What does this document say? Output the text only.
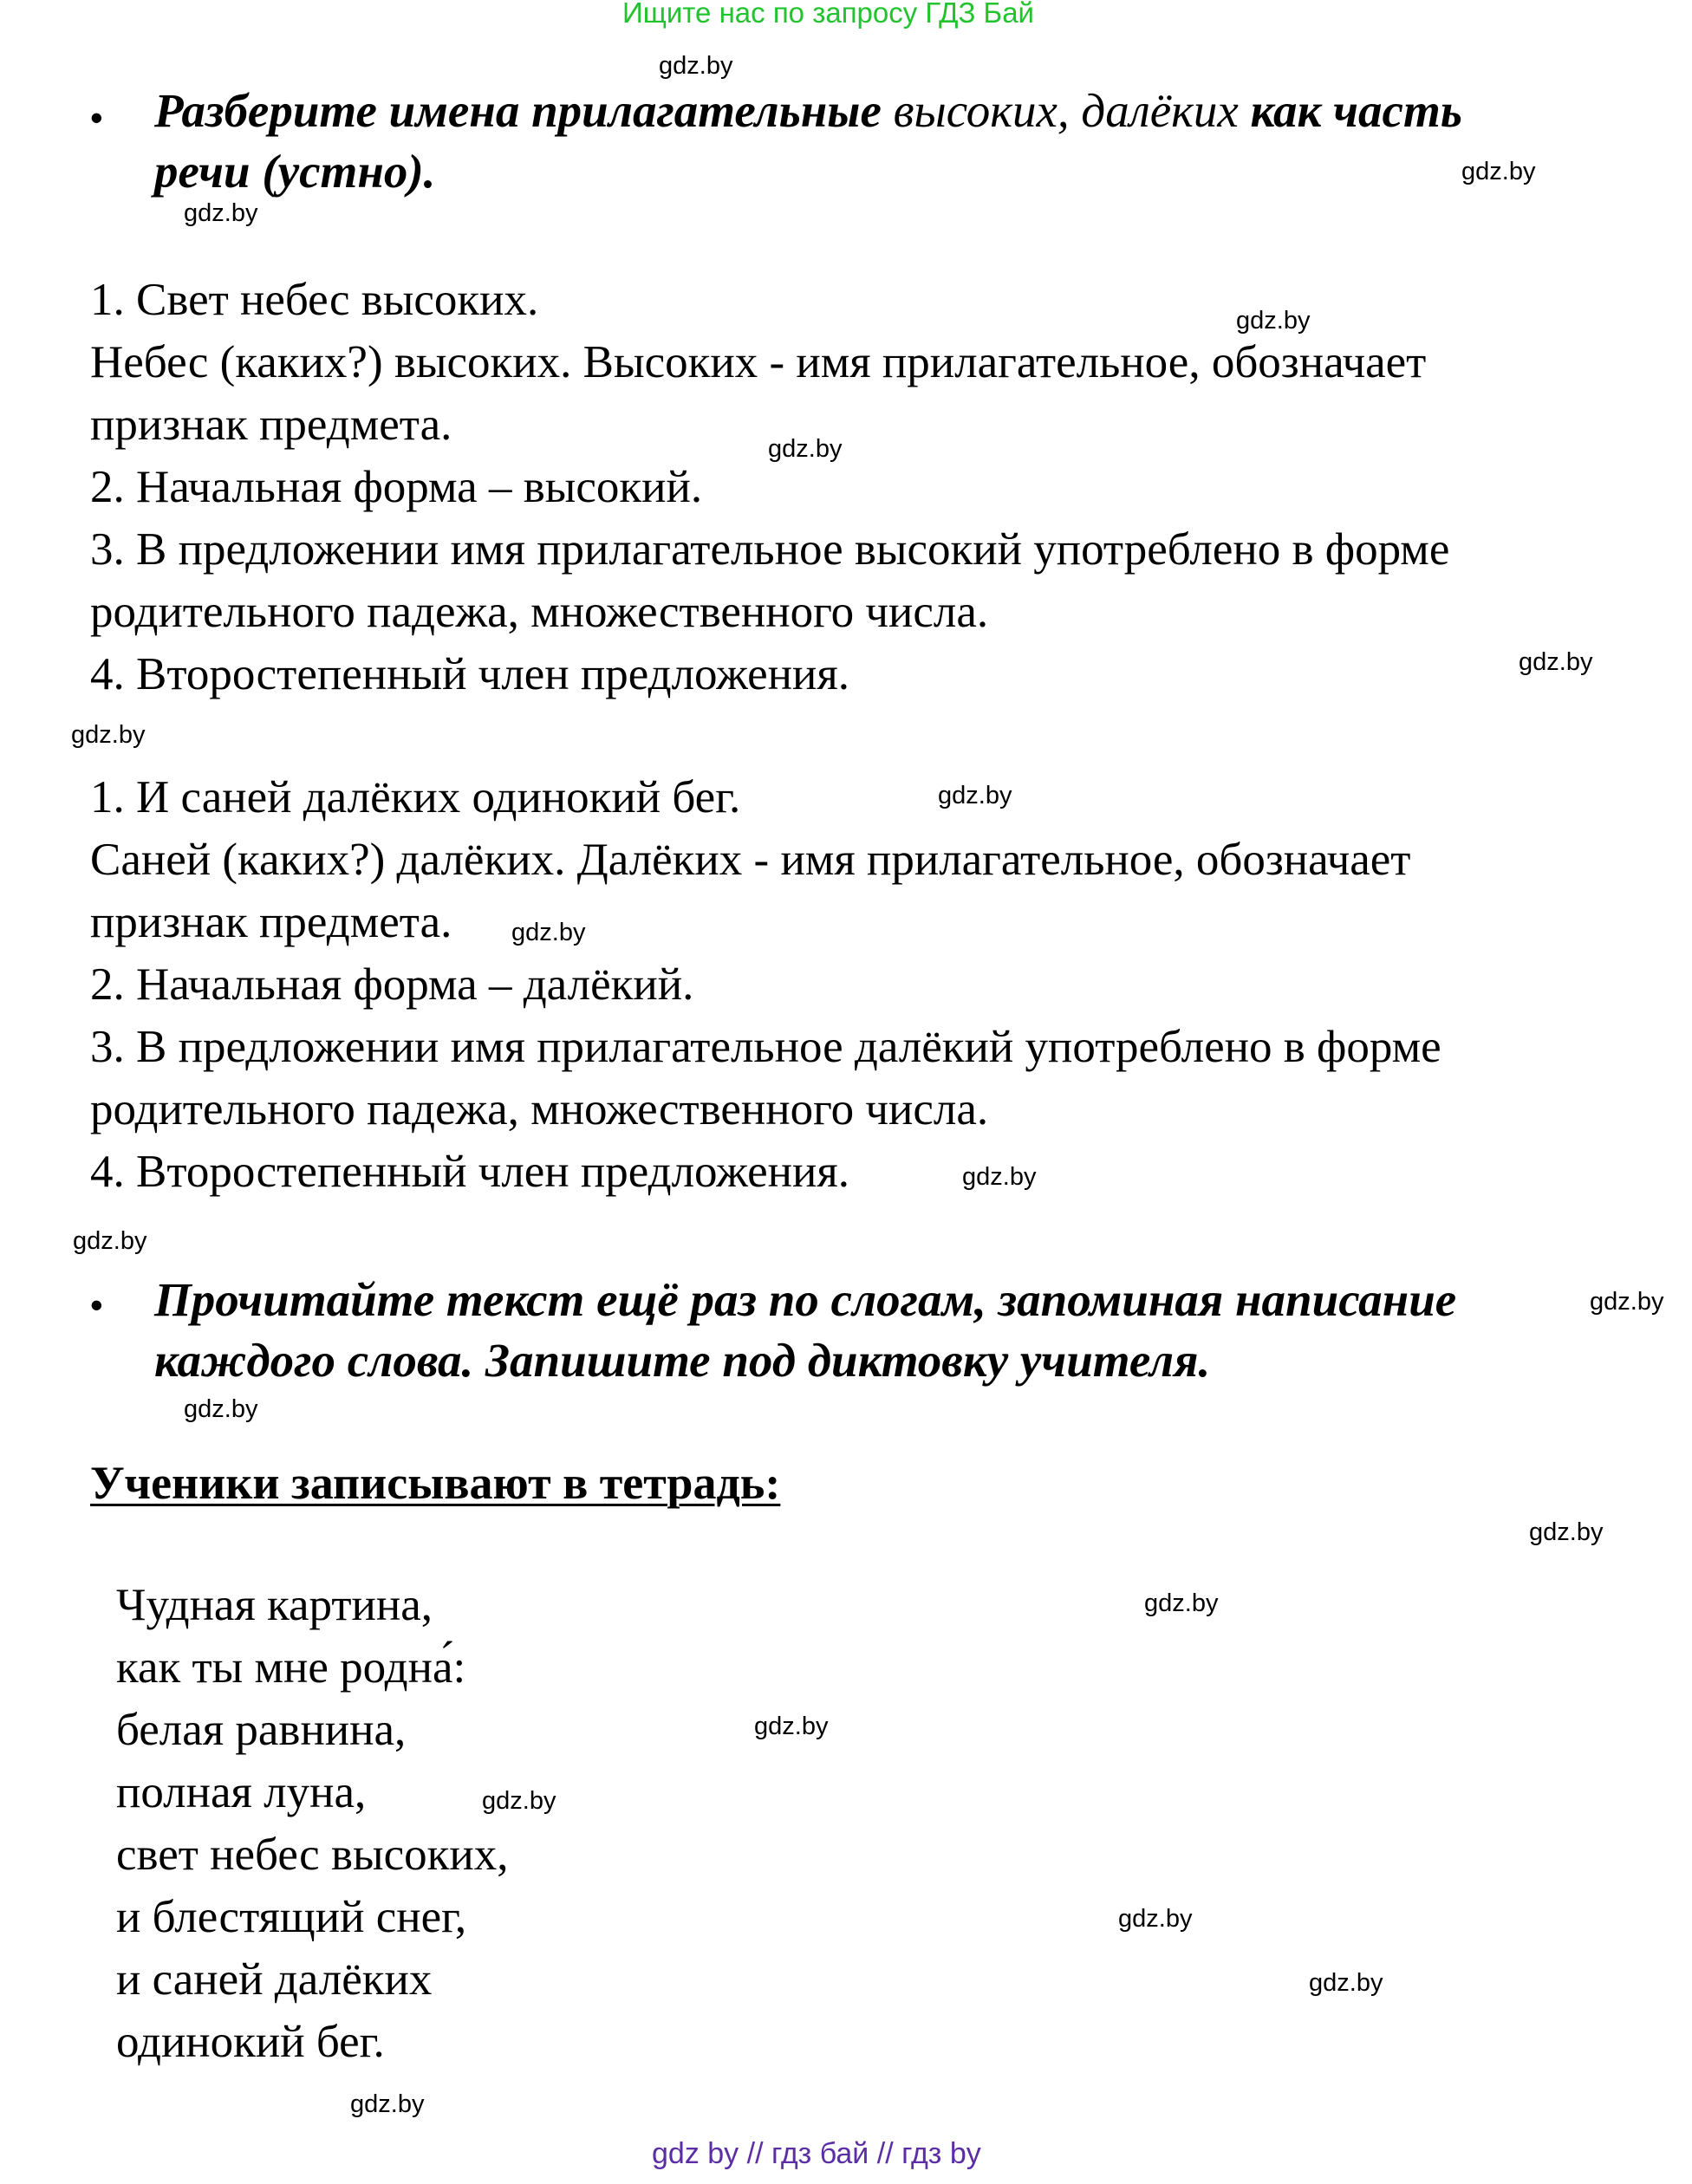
Ищите нас по запросу ГДЗ Бай
• Разберите имена прилагательные высоких, далёких как часть
речи (устно).
1. Свет небес высоких.
Небес (каких?) высоких. Высоких - имя прилагательное, обозначает
признак предмета.
2. Начальная форма – высокий.
3. В предложении имя прилагательное высокий употреблено в форме
родительного падежа, множественного числа.
4. Второстепенный член предложения.
1. И саней далёких одинокий бег.
Саней (каких?) далёких. Далёких - имя прилагательное, обозначает
признак предмета.
2. Начальная форма – далёкий.
3. В предложении имя прилагательное далёкий употреблено в форме
родительного падежа, множественного числа.
4. Второстепенный член предложения.
• Прочитайте текст ещё раз по слогам, запоминая написание
каждого слова. Запишите под диктовку учителя.
Ученики записывают в тетрадь:
Чудная картина,
как ты мне родна́:
белая равнина,
полная луна,
свет небес высоких,
и блестящий снег,
и саней далёких
одинокий бег.
gdz.by
gdz.by
gdz.by
gdz.by
gdz.by
gdz.by
gdz.by
gdz.by
gdz.by
gdz.by
gdz.by
gdz.by
gdz.by
gdz.by
gdz.by
gdz.by
gdz.by
gdz.by
gdz.by
gdz.by
gdz by // гдз бай // гдз by
